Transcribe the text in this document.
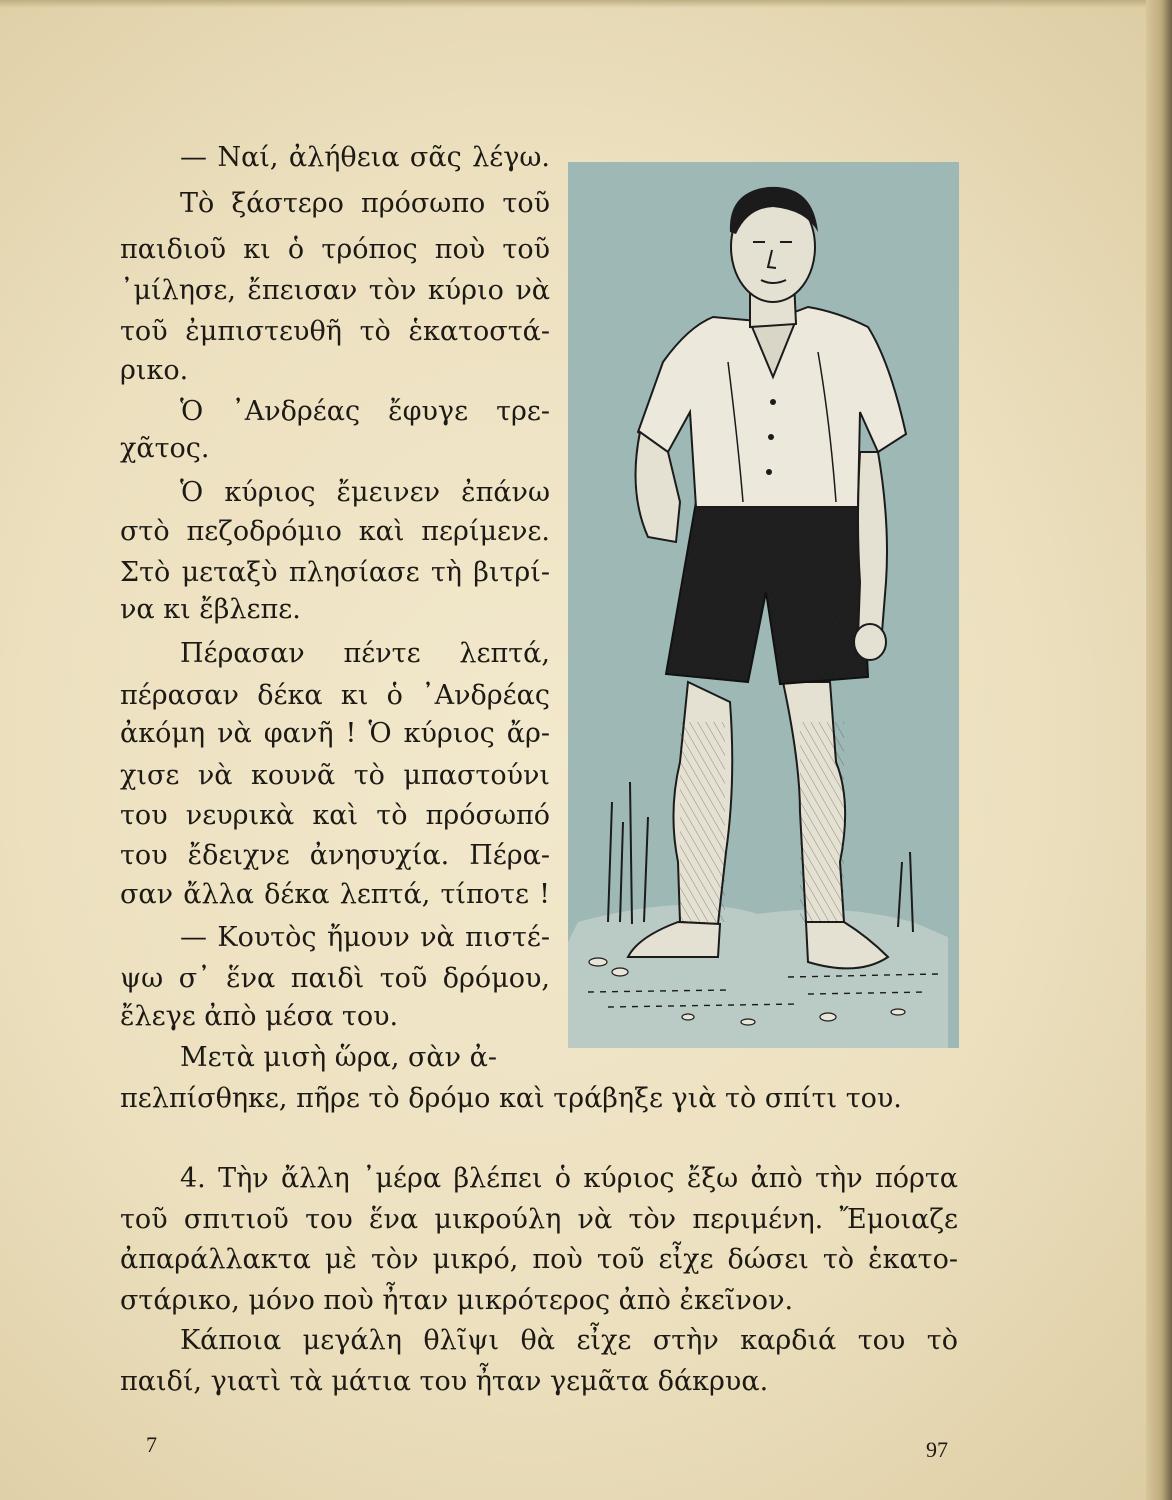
— Ναί, ἀλήθεια σᾶς λέγω.

Τὸ ξάστερο πρόσωπο τοῦ

παιδιοῦ κι ὁ τρόπος ποὺ τοῦ

᾿μίλησε, ἔπεισαν τὸν κύριο νὰ

τοῦ ἐμπιστευθῆ τὸ ἑκατοστά-

ρικο.

Ὁ ᾿Ανδρέας ἔφυγε τρε-

χᾶτος.

Ὁ κύριος ἔμεινεν ἐπάνω

στὸ πεζοδρόμιο καὶ περίμενε.

Στὸ μεταξὺ πλησίασε τὴ βιτρί-

να κι ἔβλεπε.

Πέρασαν πέντε λεπτά,

πέρασαν δέκα κι ὁ ᾿Ανδρέας

ἀκόμη νὰ φανῆ ! Ὁ κύριος ἄρ-

χισε νὰ κουνᾶ τὸ μπαστούνι

του νευρικὰ καὶ τὸ πρόσωπό

του ἔδειχνε ἀνησυχία. Πέρα-

σαν ἄλλα δέκα λεπτά, τίποτε !

— Κουτὸς ἤμουν νὰ πιστέ-

ψω σ᾿ ἕνα παιδὶ τοῦ δρόμου,

ἔλεγε ἀπὸ μέσα του.

Μετὰ μισὴ ὥρα, σὰν ἀ-

πελπίσθηκε, πῆρε τὸ δρόμο καὶ τράβηξε γιὰ τὸ σπίτι του.

4. Τὴν ἄλλη ᾿μέρα βλέπει ὁ κύριος ἔξω ἀπὸ τὴν πόρτα

τοῦ σπιτιοῦ του ἕνα μικρούλη νὰ τὸν περιμένη. Ἔμοιαζε

ἀπαράλλακτα μὲ τὸν μικρό, ποὺ τοῦ εἶχε δώσει τὸ ἑκατο-

στάρικο, μόνο ποὺ ἦταν μικρότερος ἀπὸ ἐκεῖνον.

Κάποια μεγάλη θλῖψι θὰ εἶχε στὴν καρδιά του τὸ

παιδί, γιατὶ τὰ μάτια του ἦταν γεμᾶτα δάκρυα.

7	97
